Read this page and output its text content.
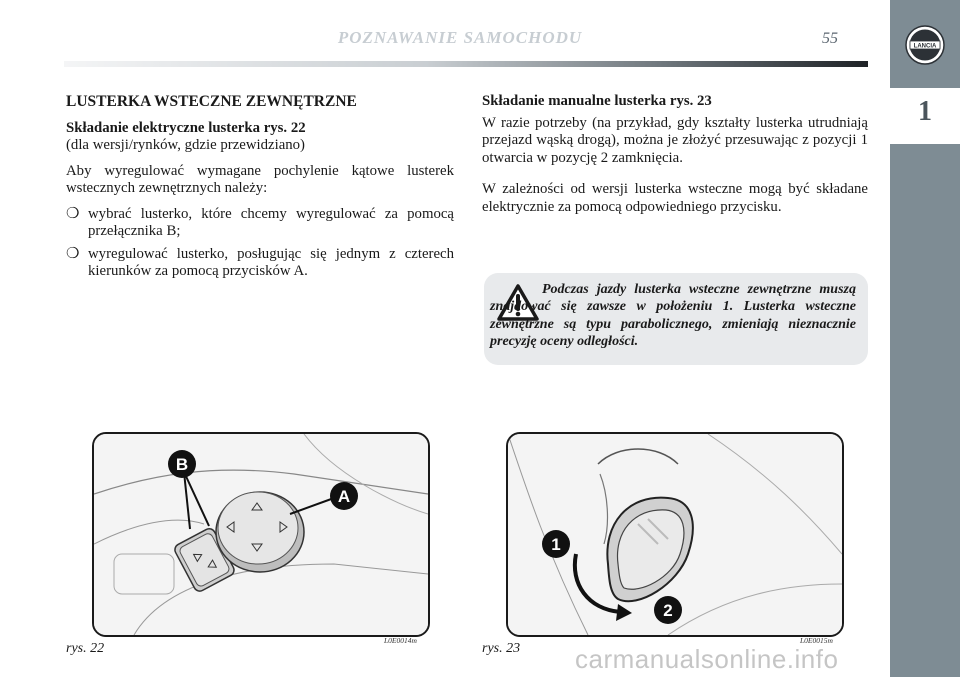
POZNAWANIE SAMOCHODU	55
1
LANCIA
LUSTERKA WSTECZNE ZEWNĘTRZNE
Składanie elektryczne lusterka rys. 22
(dla wersji/rynków, gdzie przewidziano)
Aby wyregulować wymagane pochylenie kątowe lusterek wstecznych zewnętrznych należy:
❍ wybrać lusterko, które chcemy wyregulować za pomocą przełącznika B;
❍ wyregulować lusterko, posługując się jednym z czterech kierunków za pomocą przycisków A.
Składanie manualne lusterka rys. 23
W razie potrzeby (na przykład, gdy kształty lusterka utrudniają przejazd wąską drogą), można je złożyć przesuwając z pozycji 1 otwarcia w pozycję 2 zamknięcia.
W zależności od wersji lusterka wsteczne mogą być składane elektrycznie za pomocą odpowiedniego przycisku.
Podczas jazdy lusterka wsteczne zewnętrzne muszą znajdować się zawsze w położeniu 1. Lusterka wsteczne zewnętrzne są typu parabolicznego, zmieniają nieznacznie precyzję oceny odległości.
B
A
rys. 22
L0E0014m
1
2
rys. 23
L0E0015m
carmanualsonline.info
